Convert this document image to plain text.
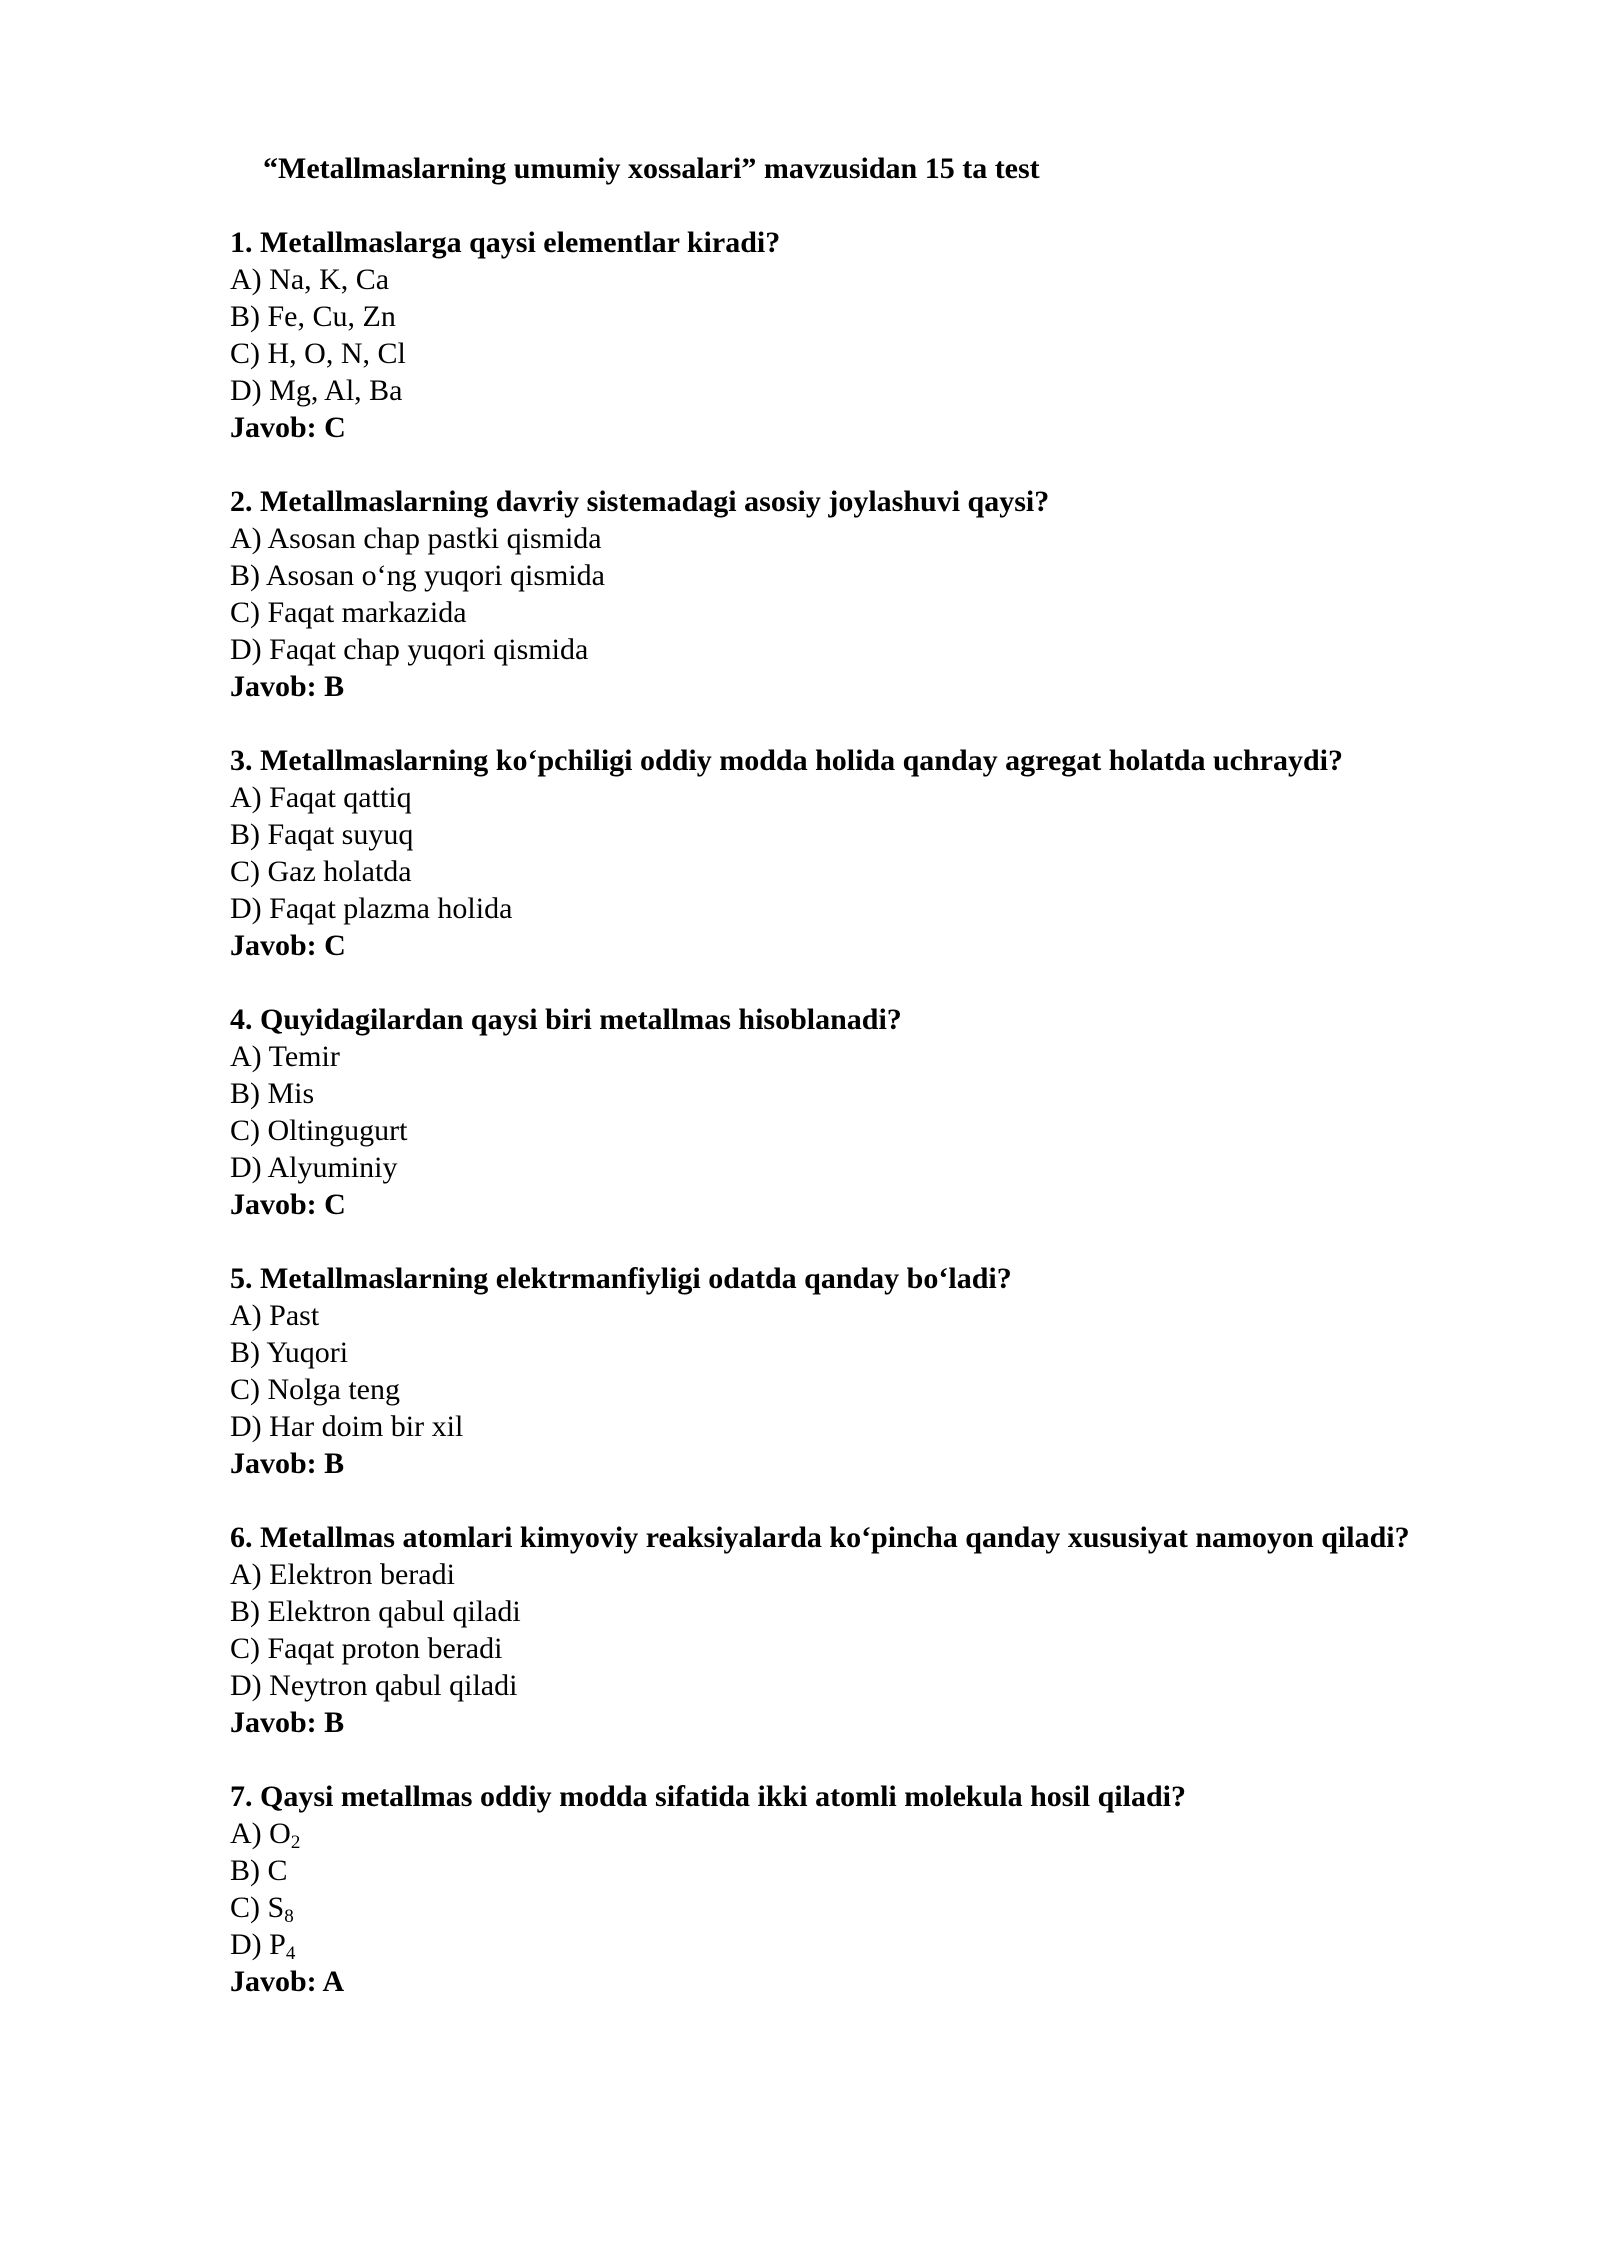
“Metallmaslarning umumiy xossalari” mavzusidan 15 ta test

1. Metallmaslarga qaysi elementlar kiradi?

A) Na, K, Ca

B) Fe, Cu, Zn

C) H, O, N, Cl

D) Mg, Al, Ba

Javob: C

2. Metallmaslarning davriy sistemadagi asosiy joylashuvi qaysi?

A) Asosan chap pastki qismida

B) Asosan o‘ng yuqori qismida

C) Faqat markazida

D) Faqat chap yuqori qismida

Javob: B

3. Metallmaslarning ko‘pchiligi oddiy modda holida qanday agregat holatda uchraydi?

A) Faqat qattiq

B) Faqat suyuq

C) Gaz holatda

D) Faqat plazma holida

Javob: C

4. Quyidagilardan qaysi biri metallmas hisoblanadi?

A) Temir

B) Mis

C) Oltingugurt

D) Alyuminiy

Javob: C

5. Metallmaslarning elektrmanfiyligi odatda qanday bo‘ladi?

A) Past

B) Yuqori

C) Nolga teng

D) Har doim bir xil

Javob: B

6. Metallmas atomlari kimyoviy reaksiyalarda ko‘pincha qanday xususiyat namoyon qiladi?

A) Elektron beradi

B) Elektron qabul qiladi

C) Faqat proton beradi

D) Neytron qabul qiladi

Javob: B

7. Qaysi metallmas oddiy modda sifatida ikki atomli molekula hosil qiladi?

A) $O_2$

B) C

C) $S_8$

D) $P_4$

Javob: A
